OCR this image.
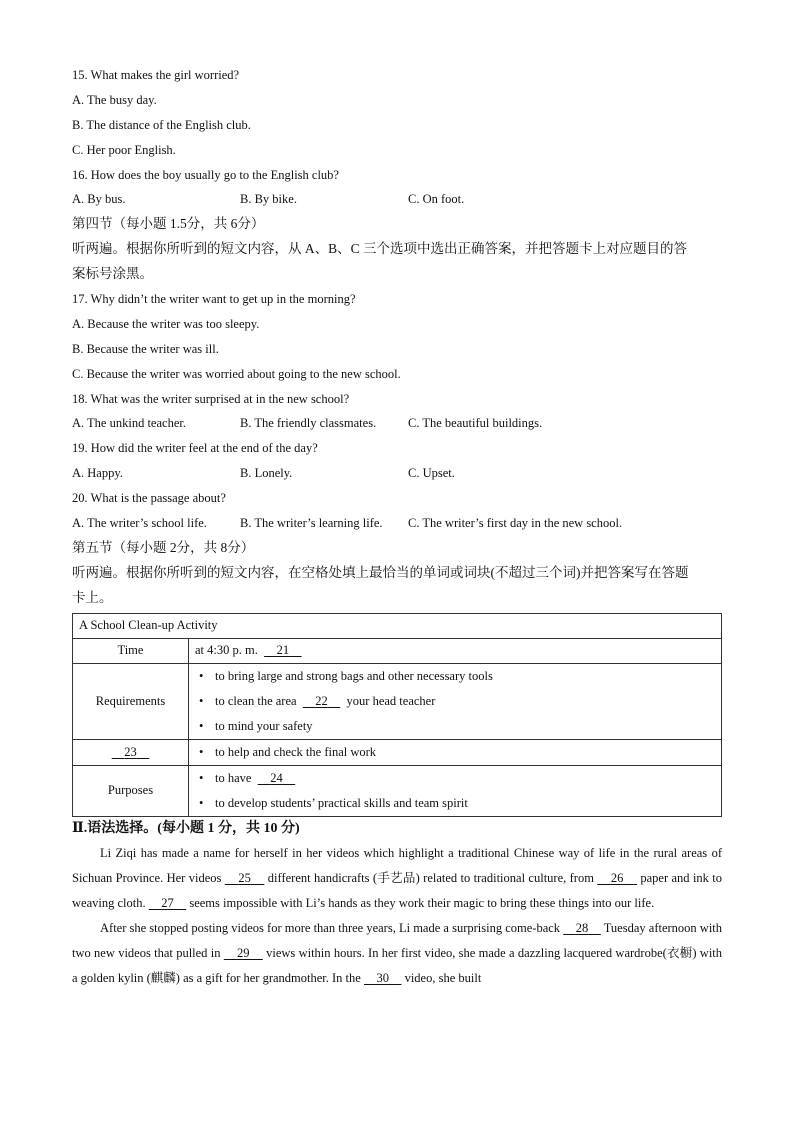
15. What makes the girl worried?
A. The busy day.
B. The distance of the English club.
C. Her poor English.
16. How does the boy usually go to the English club?
A. By bus.	B. By bike.	C. On foot.
第四节（每小题 1.5分，共 6分）
听两遍。根据你所听到的短文内容，从 A、B、C 三个选项中选出正确答案，并把答题卡上对应题目的答
案标号涂黑。
17. Why didn’t the writer want to get up in the morning?
A. Because the writer was too sleepy.
B. Because the writer was ill.
C. Because the writer was worried about going to the new school.
18. What was the writer surprised at in the new school?
A. The unkind teacher.	B. The friendly classmates.	C. The beautiful buildings.
19. How did the writer feel at the end of the day?
A. Happy.	B. Lonely.	C. Upset.
20. What is the passage about?
A. The writer’s school life.	B. The writer’s learning life. C. The writer’s first day in the new school.
第五节（每小题 2分，共 8分）
听两遍。根据你所听到的短文内容，在空格处填上最恰当的单词或词块(不超过三个词)并把答案写在答题
卡上。
A School Clean-up Activity	
Time	at 4:30 p. m. 21
Requirements	• to bring large and strong bags and other necessary tools
• to clean the area 22 your head teacher
• to mind your safety

23	• to help and check the final work

Purposes	• to have 24
• to develop students’ practical skills and team spirit
Ⅱ.语法选择。(每小题 1 分，共 10 分)
Li Ziqi has made a name for herself in her videos which highlight a traditional Chinese way of life in the rural areas of Sichuan Province. Her videos 25 different handicrafts (手艺品) related to traditional culture, from 26 paper and ink to weaving cloth. 27 seems impossible with Li’s hands as they work their magic to bring these things into our life.
After she stopped posting videos for more than three years, Li made a surprising come-back 28 Tuesday afternoon with two new videos that pulled in 29 views within hours. In her first video, she made a dazzling lacquered wardrobe(衣橱) with a golden kylin (麒麟) as a gift for her grandmother. In the 30 video, she built
